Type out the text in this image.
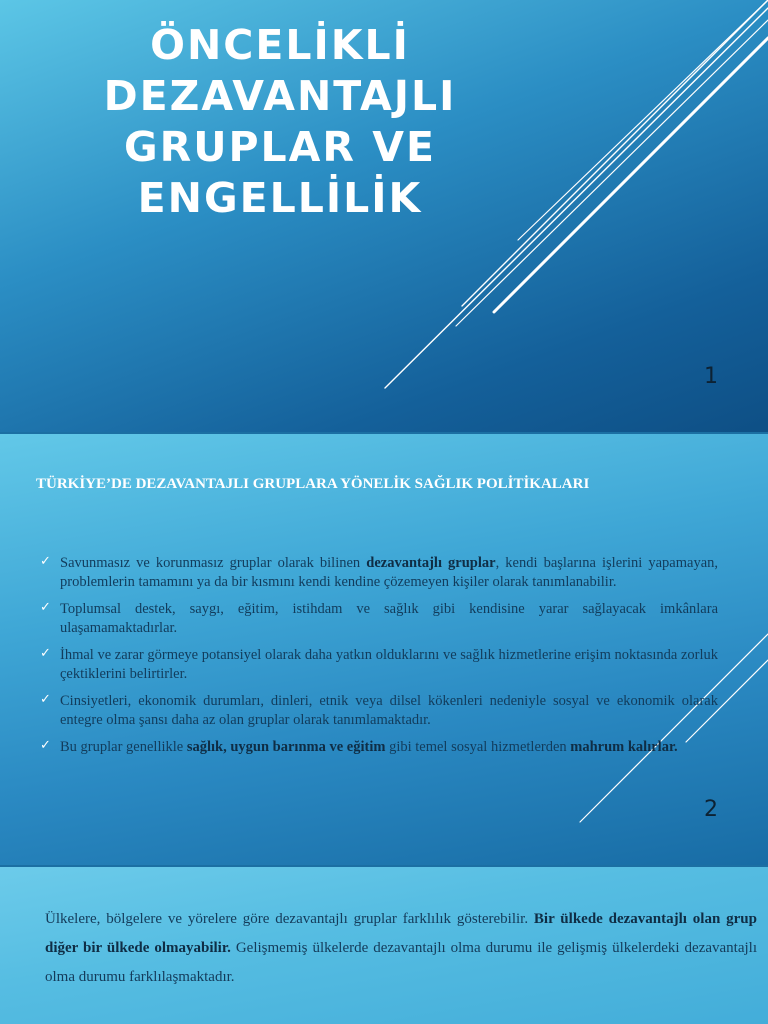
ÖNCELİKLİ
DEZAVANTAJLI
GRUPLAR VE
ENGELLİLİK
1
TÜRKİYE’DE DEZAVANTAJLI GRUPLARA YÖNELİK SAĞLIK POLİTİKALARI
✓ Savunmasız ve korunmasız gruplar olarak bilinen dezavantajlı gruplar, kendi başlarına işlerini yapamayan, problemlerin tamamını ya da bir kısmını kendi kendine çözemeyen kişiler olarak tanımlanabilir.
✓ Toplumsal destek, saygı, eğitim, istihdam ve sağlık gibi kendisine yarar sağlayacak imkânlara ulaşamamaktadırlar.
✓ İhmal ve zarar görmeye potansiyel olarak daha yatkın olduklarını ve sağlık hizmetlerine erişim noktasında zorluk çektiklerini belirtirler.
✓ Cinsiyetleri, ekonomik durumları, dinleri, etnik veya dilsel kökenleri nedeniyle sosyal ve ekonomik olarak entegre olma şansı daha az olan gruplar olarak tanımlamaktadır.
✓ Bu gruplar genellikle sağlık, uygun barınma ve eğitim gibi temel sosyal hizmetlerden mahrum kalırlar.
2

Ülkelere, bölgelere ve yörelere göre dezavantajlı gruplar farklılık gösterebilir. Bir ülkede dezavantajlı olan grup diğer bir ülkede olmayabilir. Gelişmemiş ülkelerde dezavantajlı olma durumu ile gelişmiş ülkelerdeki dezavantajlı olma durumu farklılaşmaktadır.
